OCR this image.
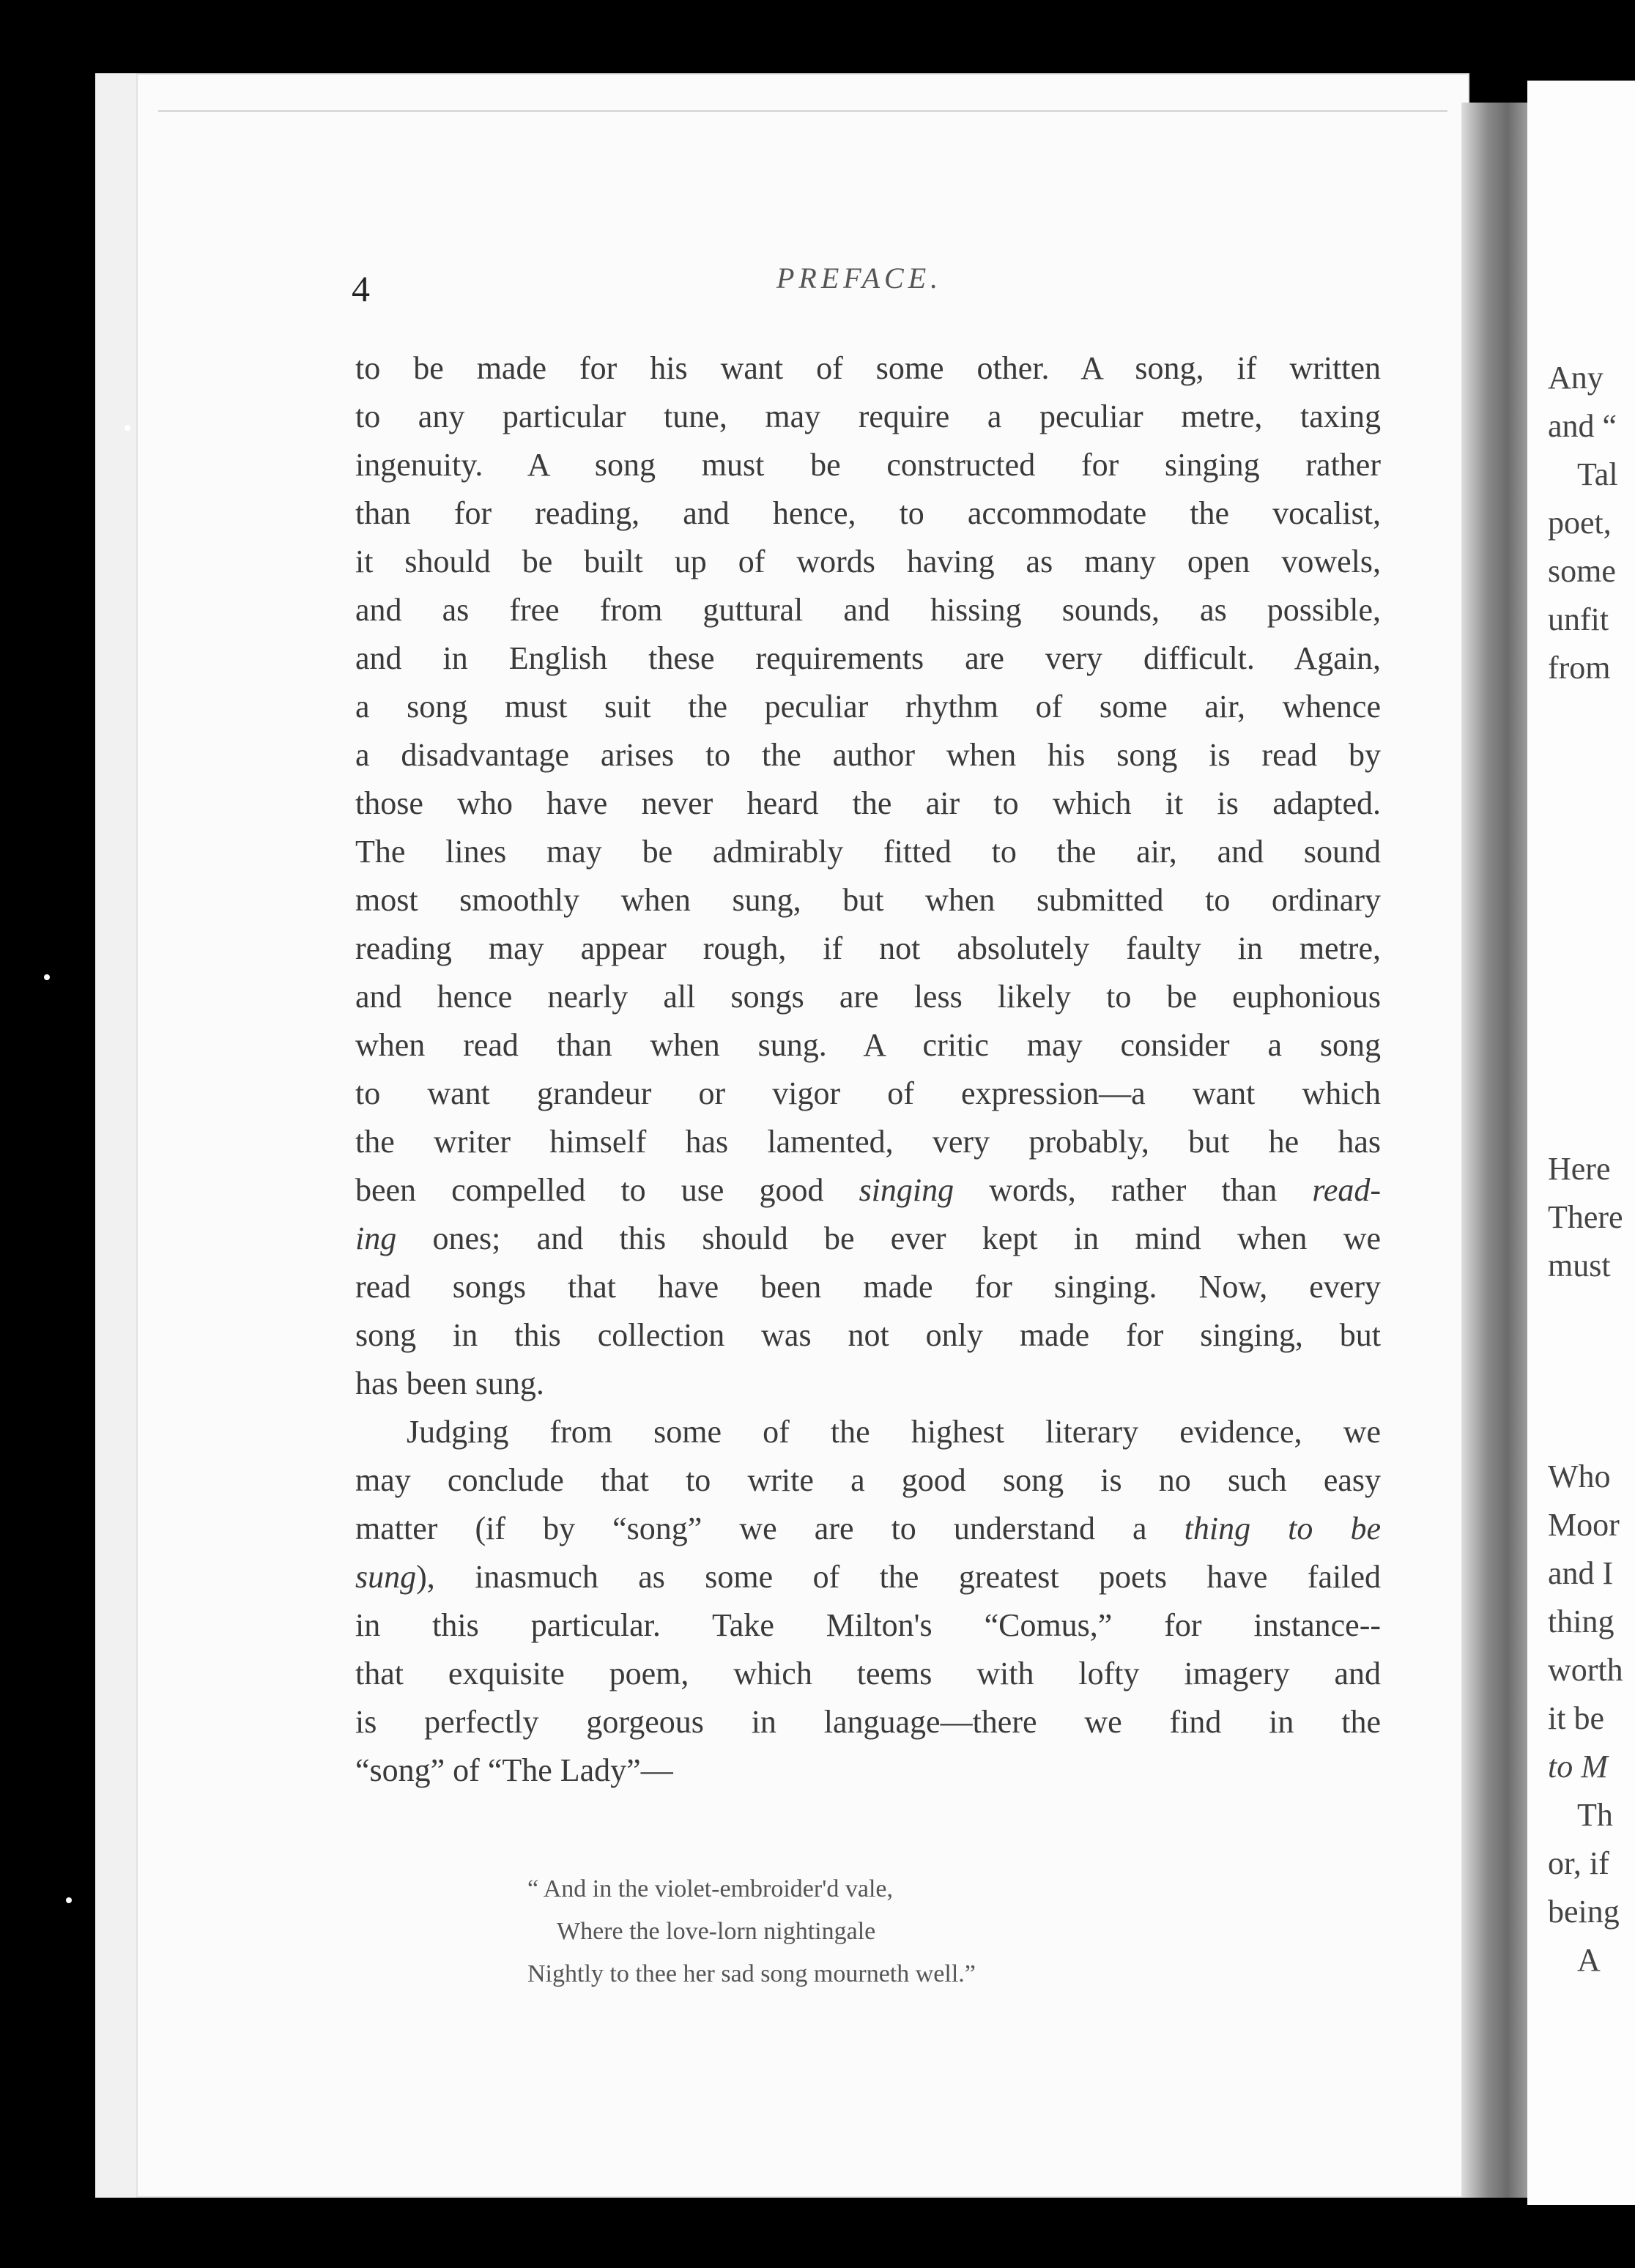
4	PREFACE.
to be made for his want of some other. A song, if written
to any particular tune, may require a peculiar metre, taxing
ingenuity. A song must be constructed for singing rather
than for reading, and hence, to accommodate the vocalist,
it should be built up of words having as many open vowels,
and as free from guttural and hissing sounds, as possible,
and in English these requirements are very difficult. Again,
a song must suit the peculiar rhythm of some air, whence
a disadvantage arises to the author when his song is read by
those who have never heard the air to which it is adapted.
The lines may be admirably fitted to the air, and sound
most smoothly when sung, but when submitted to ordinary
reading may appear rough, if not absolutely faulty in metre,
and hence nearly all songs are less likely to be euphonious
when read than when sung. A critic may consider a song
to want grandeur or vigor of expression—a want which
the writer himself has lamented, very probably, but he has
been compelled to use good singing words, rather than read-
ing ones; and this should be ever kept in mind when we
read songs that have been made for singing. Now, every
song in this collection was not only made for singing, but
has been sung.
Judging from some of the highest literary evidence, we
may conclude that to write a good song is no such easy
matter (if by “song” we are to understand a thing to be
sung), inasmuch as some of the greatest poets have failed
in this particular. Take Milton's “Comus,” for instance--
that exquisite poem, which teems with lofty imagery and
is perfectly gorgeous in language—there we find in the
“song” of “The Lady”—
“ And in the violet-embroider'd vale,
Where the love-lorn nightingale
Nightly to thee her sad song mourneth well.”
Any
and “
Tal
poet,
some
unfit
from
Here
There
must
Who
Moor
and I
thing
worth
it be
to M
Th
or, if
being
A
